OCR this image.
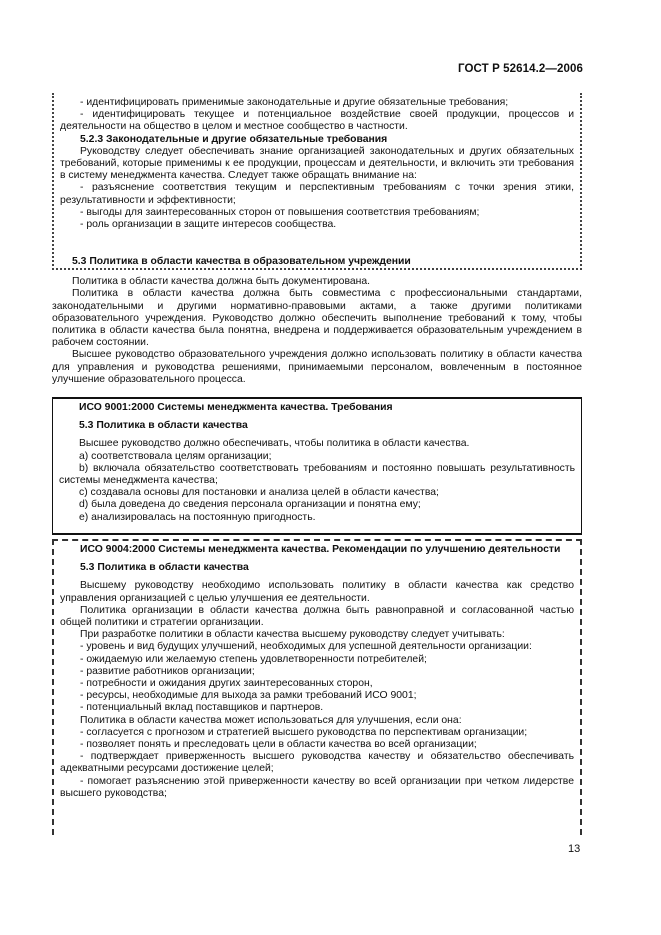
ГОСТ Р 52614.2—2006

- идентифицировать применимые законодательные и другие обязательные требования;

- идентифицировать текущее и потенциальное воздействие своей продукции, процессов и деятельности на общество в целом и местное сообщество в частности.

5.2.3 Законодательные и другие обязательные требования

Руководству следует обеспечивать знание организацией законодательных и других обязательных требований, которые применимы к ее продукции, процессам и деятельности, и включить эти требования в систему менеджмента качества. Следует также обращать внимание на:

- разъяснение соответствия текущим и перспективным требованиям с точки зрения этики, результативности и эффективности;

- выгоды для заинтересованных сторон от повышения соответствия требованиям;

- роль организации в защите интересов сообщества.

5.3 Политика в области качества в образовательном учреждении

Политика в области качества должна быть документирована.

Политика в области качества должна быть совместима с профессиональными стандартами, законодательными и другими нормативно-правовыми актами, а также другими политиками образовательного учреждения. Руководство должно обеспечить выполнение требований к тому, чтобы политика в области качества была понятна, внедрена и поддерживается образовательным учреждением в рабочем состоянии.

Высшее руководство образовательного учреждения должно использовать политику в области качества для управления и руководства решениями, принимаемыми персоналом, вовлеченным в постоянное улучшение образовательного процесса.

ИСО 9001:2000 Системы менеджмента качества. Требования

5.3 Политика в области качества

Высшее руководство должно обеспечивать, чтобы политика в области качества.

a) соответствовала целям организации;

b) включала обязательство соответствовать требованиям и постоянно повышать результативность системы менеджмента качества;

c) создавала основы для постановки и анализа целей в области качества;

d) была доведена до сведения персонала организации и понятна ему;

e) анализировалась на постоянную пригодность.

ИСО 9004:2000 Системы менеджмента качества. Рекомендации по улучшению деятельности

5.3 Политика в области качества

Высшему руководству необходимо использовать политику в области качества как средство управления организацией с целью улучшения ее деятельности.

Политика организации в области качества должна быть равноправной и согласованной частью общей политики и стратегии организации.

При разработке политики в области качества высшему руководству следует учитывать:

- уровень и вид будущих улучшений, необходимых для успешной деятельности организации:

- ожидаемую или желаемую степень удовлетворенности потребителей;

- развитие работников организации;

- потребности и ожидания других заинтересованных сторон,

- ресурсы, необходимые для выхода за рамки требований ИСО 9001;

- потенциальный вклад поставщиков и партнеров.

Политика в области качества может использоваться для улучшения, если она:

- согласуется с прогнозом и стратегией высшего руководства по перспективам организации;

- позволяет понять и преследовать цели в области качества во всей организации;

- подтверждает приверженность высшего руководства качеству и обязательство обеспечивать адекватными ресурсами достижение целей;

- помогает разъяснению этой приверженности качеству во всей организации при четком лидерстве высшего руководства;

13
